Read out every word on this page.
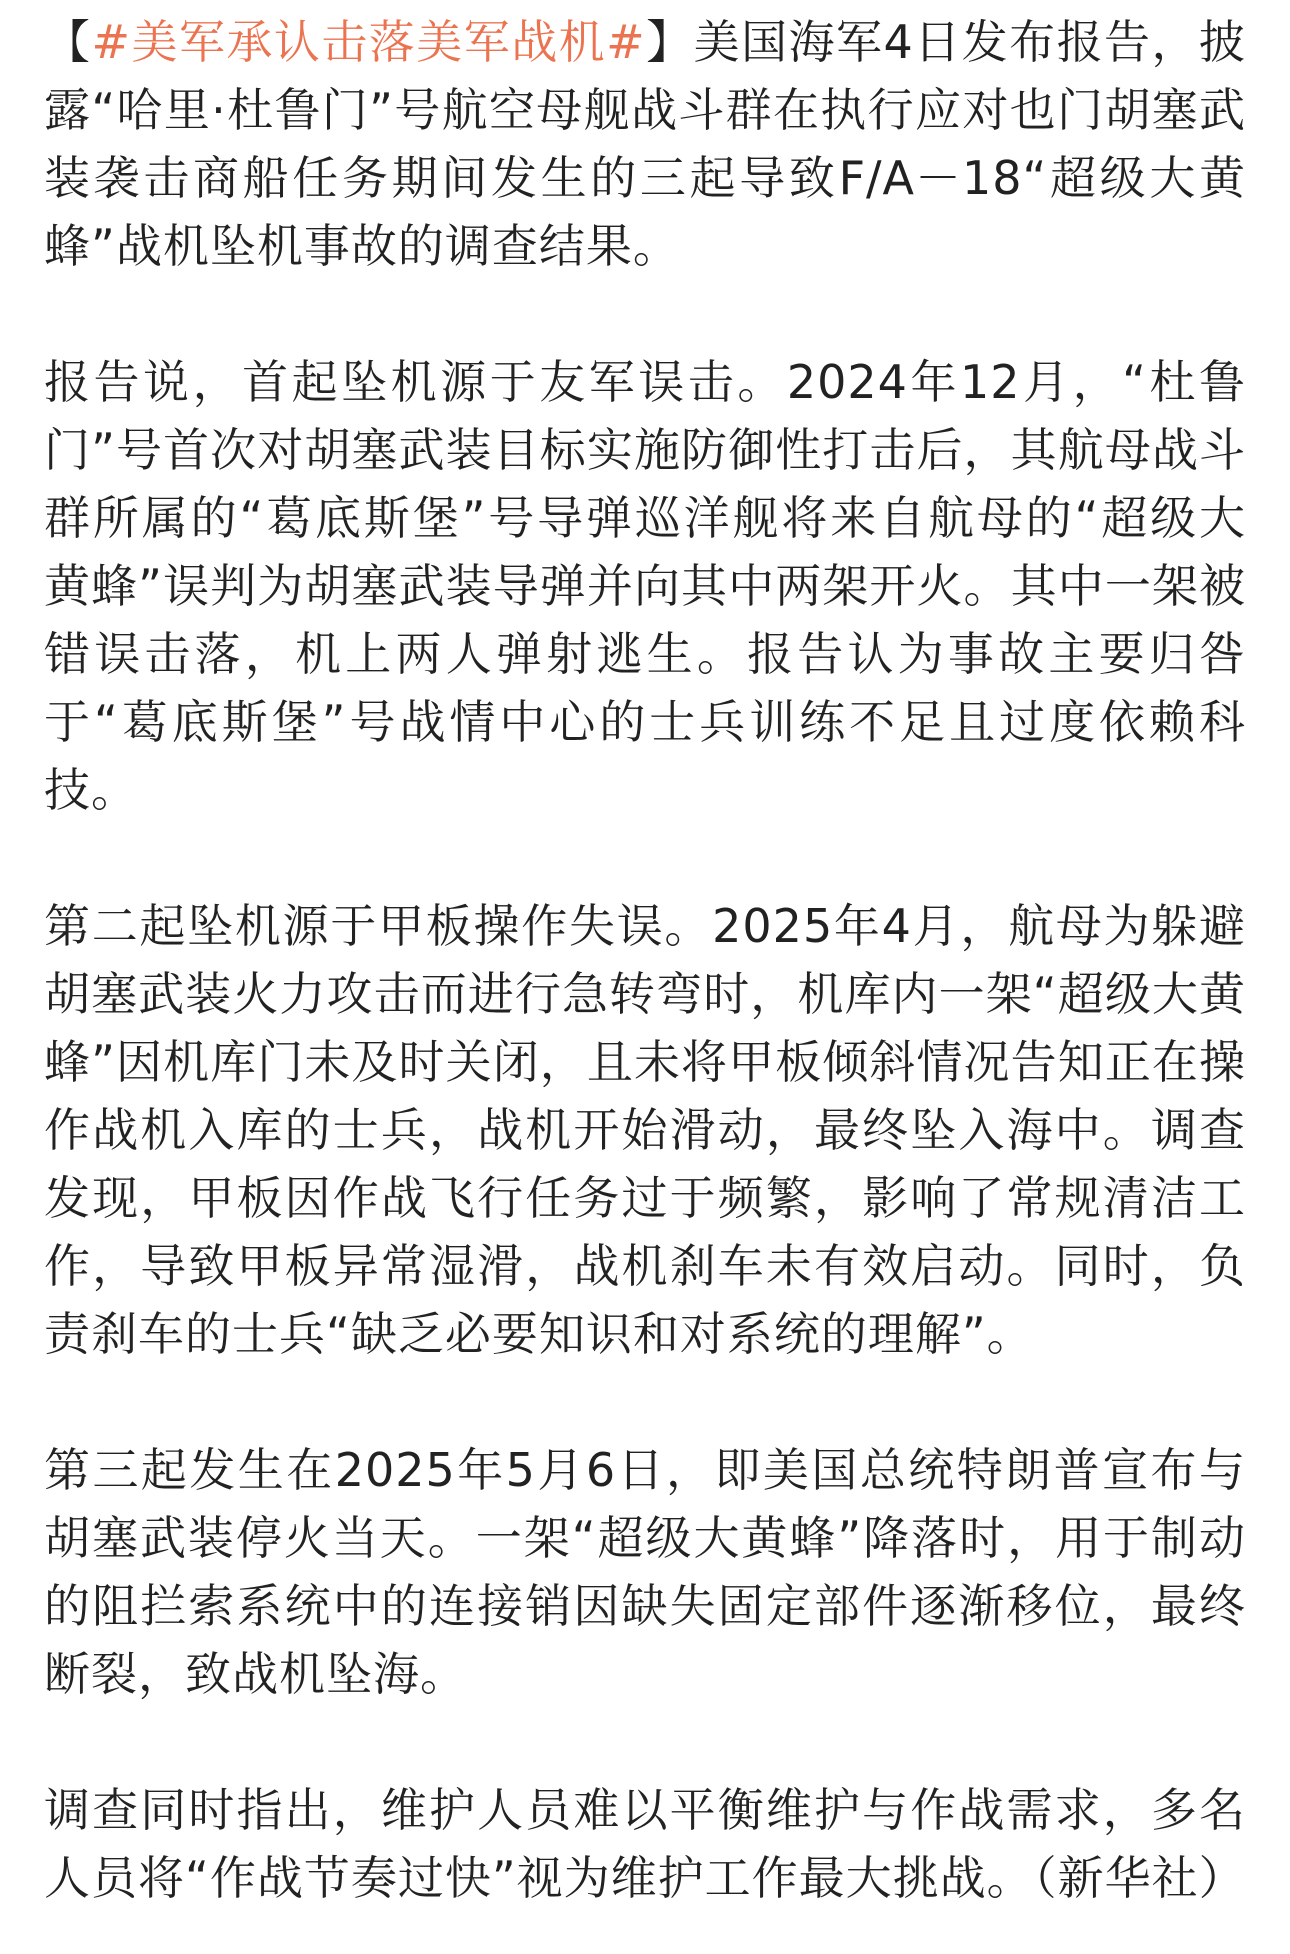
【#美军承认击落美军战机#】美国海军4日发布报告，披露“哈里·杜鲁门”号航空母舰战斗群在执行应对也门胡塞武装袭击商船任务期间发生的三起导致F/A－18“超级大黄蜂”战机坠机事故的调查结果。

报告说，首起坠机源于友军误击。2024年12月，“杜鲁门”号首次对胡塞武装目标实施防御性打击后，其航母战斗群所属的“葛底斯堡”号导弹巡洋舰将来自航母的“超级大黄蜂”误判为胡塞武装导弹并向其中两架开火。其中一架被错误击落，机上两人弹射逃生。报告认为事故主要归咎于“葛底斯堡”号战情中心的士兵训练不足且过度依赖科技。

第二起坠机源于甲板操作失误。2025年4月，航母为躲避胡塞武装火力攻击而进行急转弯时，机库内一架“超级大黄蜂”因机库门未及时关闭，且未将甲板倾斜情况告知正在操作战机入库的士兵，战机开始滑动，最终坠入海中。调查发现，甲板因作战飞行任务过于频繁，影响了常规清洁工作，导致甲板异常湿滑，战机刹车未有效启动。同时，负责刹车的士兵“缺乏必要知识和对系统的理解”。

第三起发生在2025年5月6日，即美国总统特朗普宣布与胡塞武装停火当天。一架“超级大黄蜂”降落时，用于制动的阻拦索系统中的连接销因缺失固定部件逐渐移位，最终断裂，致战机坠海。

调查同时指出，维护人员难以平衡维护与作战需求，多名人员将“作战节奏过快”视为维护工作最大挑战。（新华社）
